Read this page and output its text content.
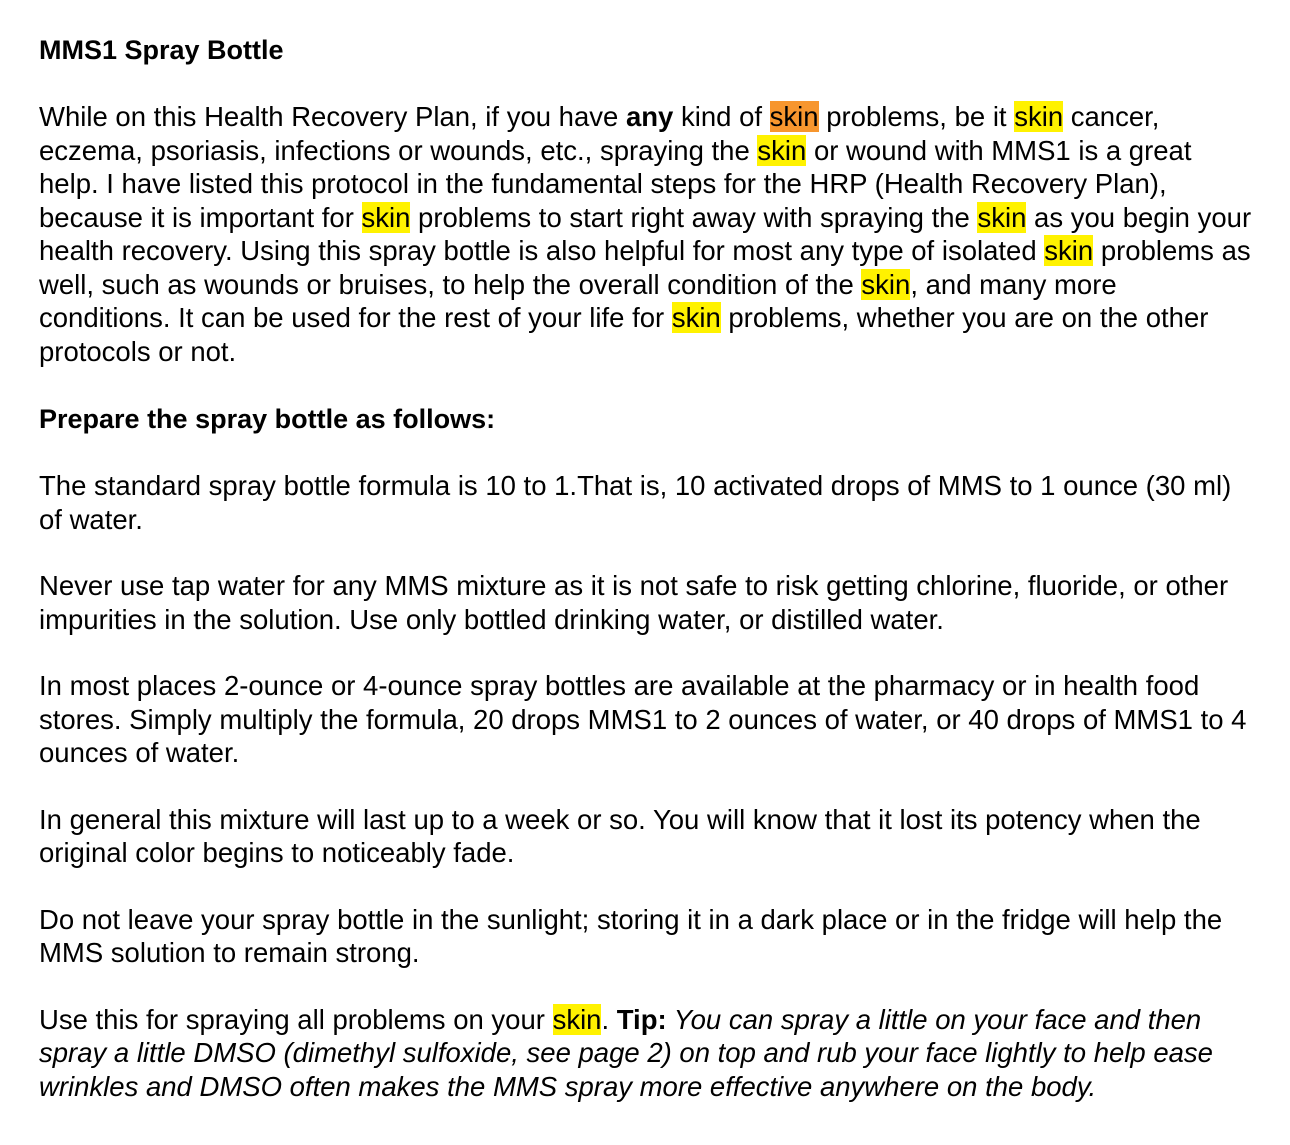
MMS1 Spray Bottle

While on this Health Recovery Plan, if you have any kind of skin problems, be it skin cancer, eczema, psoriasis, infections or wounds, etc., spraying the skin or wound with MMS1 is a great help. I have listed this protocol in the fundamental steps for the HRP (Health Recovery Plan), because it is important for skin problems to start right away with spraying the skin as you begin your health recovery. Using this spray bottle is also helpful for most any type of isolated skin problems as well, such as wounds or bruises, to help the overall condition of the skin, and many more conditions. It can be used for the rest of your life for skin problems, whether you are on the other protocols or not.

Prepare the spray bottle as follows:

The standard spray bottle formula is 10 to 1.That is, 10 activated drops of MMS to 1 ounce (30 ml) of water.

Never use tap water for any MMS mixture as it is not safe to risk getting chlorine, fluoride, or other impurities in the solution. Use only bottled drinking water, or distilled water.

In most places 2-ounce or 4-ounce spray bottles are available at the pharmacy or in health food stores. Simply multiply the formula, 20 drops MMS1 to 2 ounces of water, or 40 drops of MMS1 to 4 ounces of water.

In general this mixture will last up to a week or so. You will know that it lost its potency when the original color begins to noticeably fade.

Do not leave your spray bottle in the sunlight; storing it in a dark place or in the fridge will help the MMS solution to remain strong.

Use this for spraying all problems on your skin. Tip: You can spray a little on your face and then spray a little DMSO (dimethyl sulfoxide, see page 2) on top and rub your face lightly to help ease wrinkles and DMSO often makes the MMS spray more effective anywhere on the body.
